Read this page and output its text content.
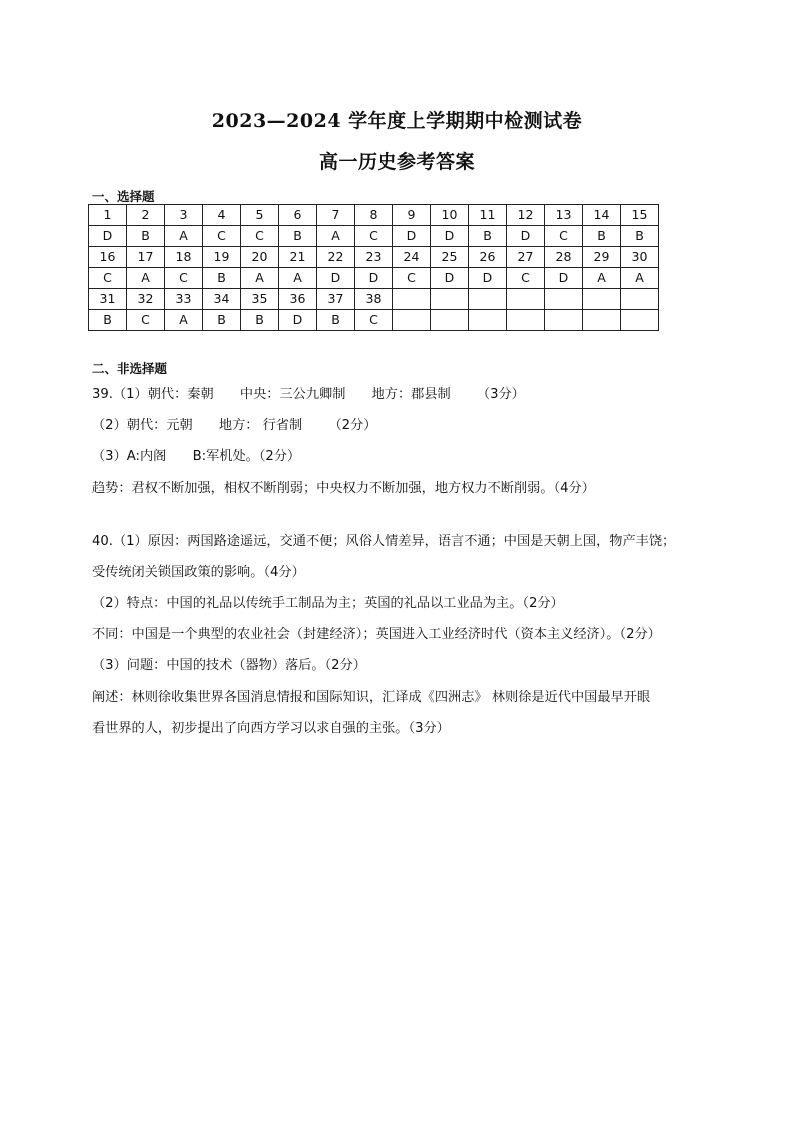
2023—2024 学年度上学期期中检测试卷
高一历史参考答案
一、选择题
1	2	3	4	5	6	7	8	9	10	11	12	13	14	15
D	B	A	C	C	B	A	C	D	D	B	D	C	B	B
16	17	18	19	20	21	22	23	24	25	26	27	28	29	30
C	A	C	B	A	A	D	D	C	D	D	C	D	A	A
31	32	33	34	35	36	37	38							
B	C	A	B	B	D	B	C							
二、非选择题
39.（1）朝代：秦朝 中央：三公九卿制 地方：郡县制 （3分）
（2）朝代：元朝 地方： 行省制 （2分）
（3）A:内阁 B:军机处。（2分）
趋势：君权不断加强，相权不断削弱；中央权力不断加强，地方权力不断削弱。（4分）
40.（1）原因：两国路途遥远，交通不便；风俗人情差异，语言不通；中国是天朝上国，物产丰饶；
受传统闭关锁国政策的影响。（4分）
（2）特点：中国的礼品以传统手工制品为主；英国的礼品以工业品为主。（2分）
不同：中国是一个典型的农业社会（封建经济）；英国进入工业经济时代（资本主义经济）。（2分）
（3）问题：中国的技术（器物）落后。（2分）
阐述：林则徐收集世界各国消息情报和国际知识，汇译成《四洲志》 林则徐是近代中国最早开眼
看世界的人，初步提出了向西方学习以求自强的主张。（3分）
